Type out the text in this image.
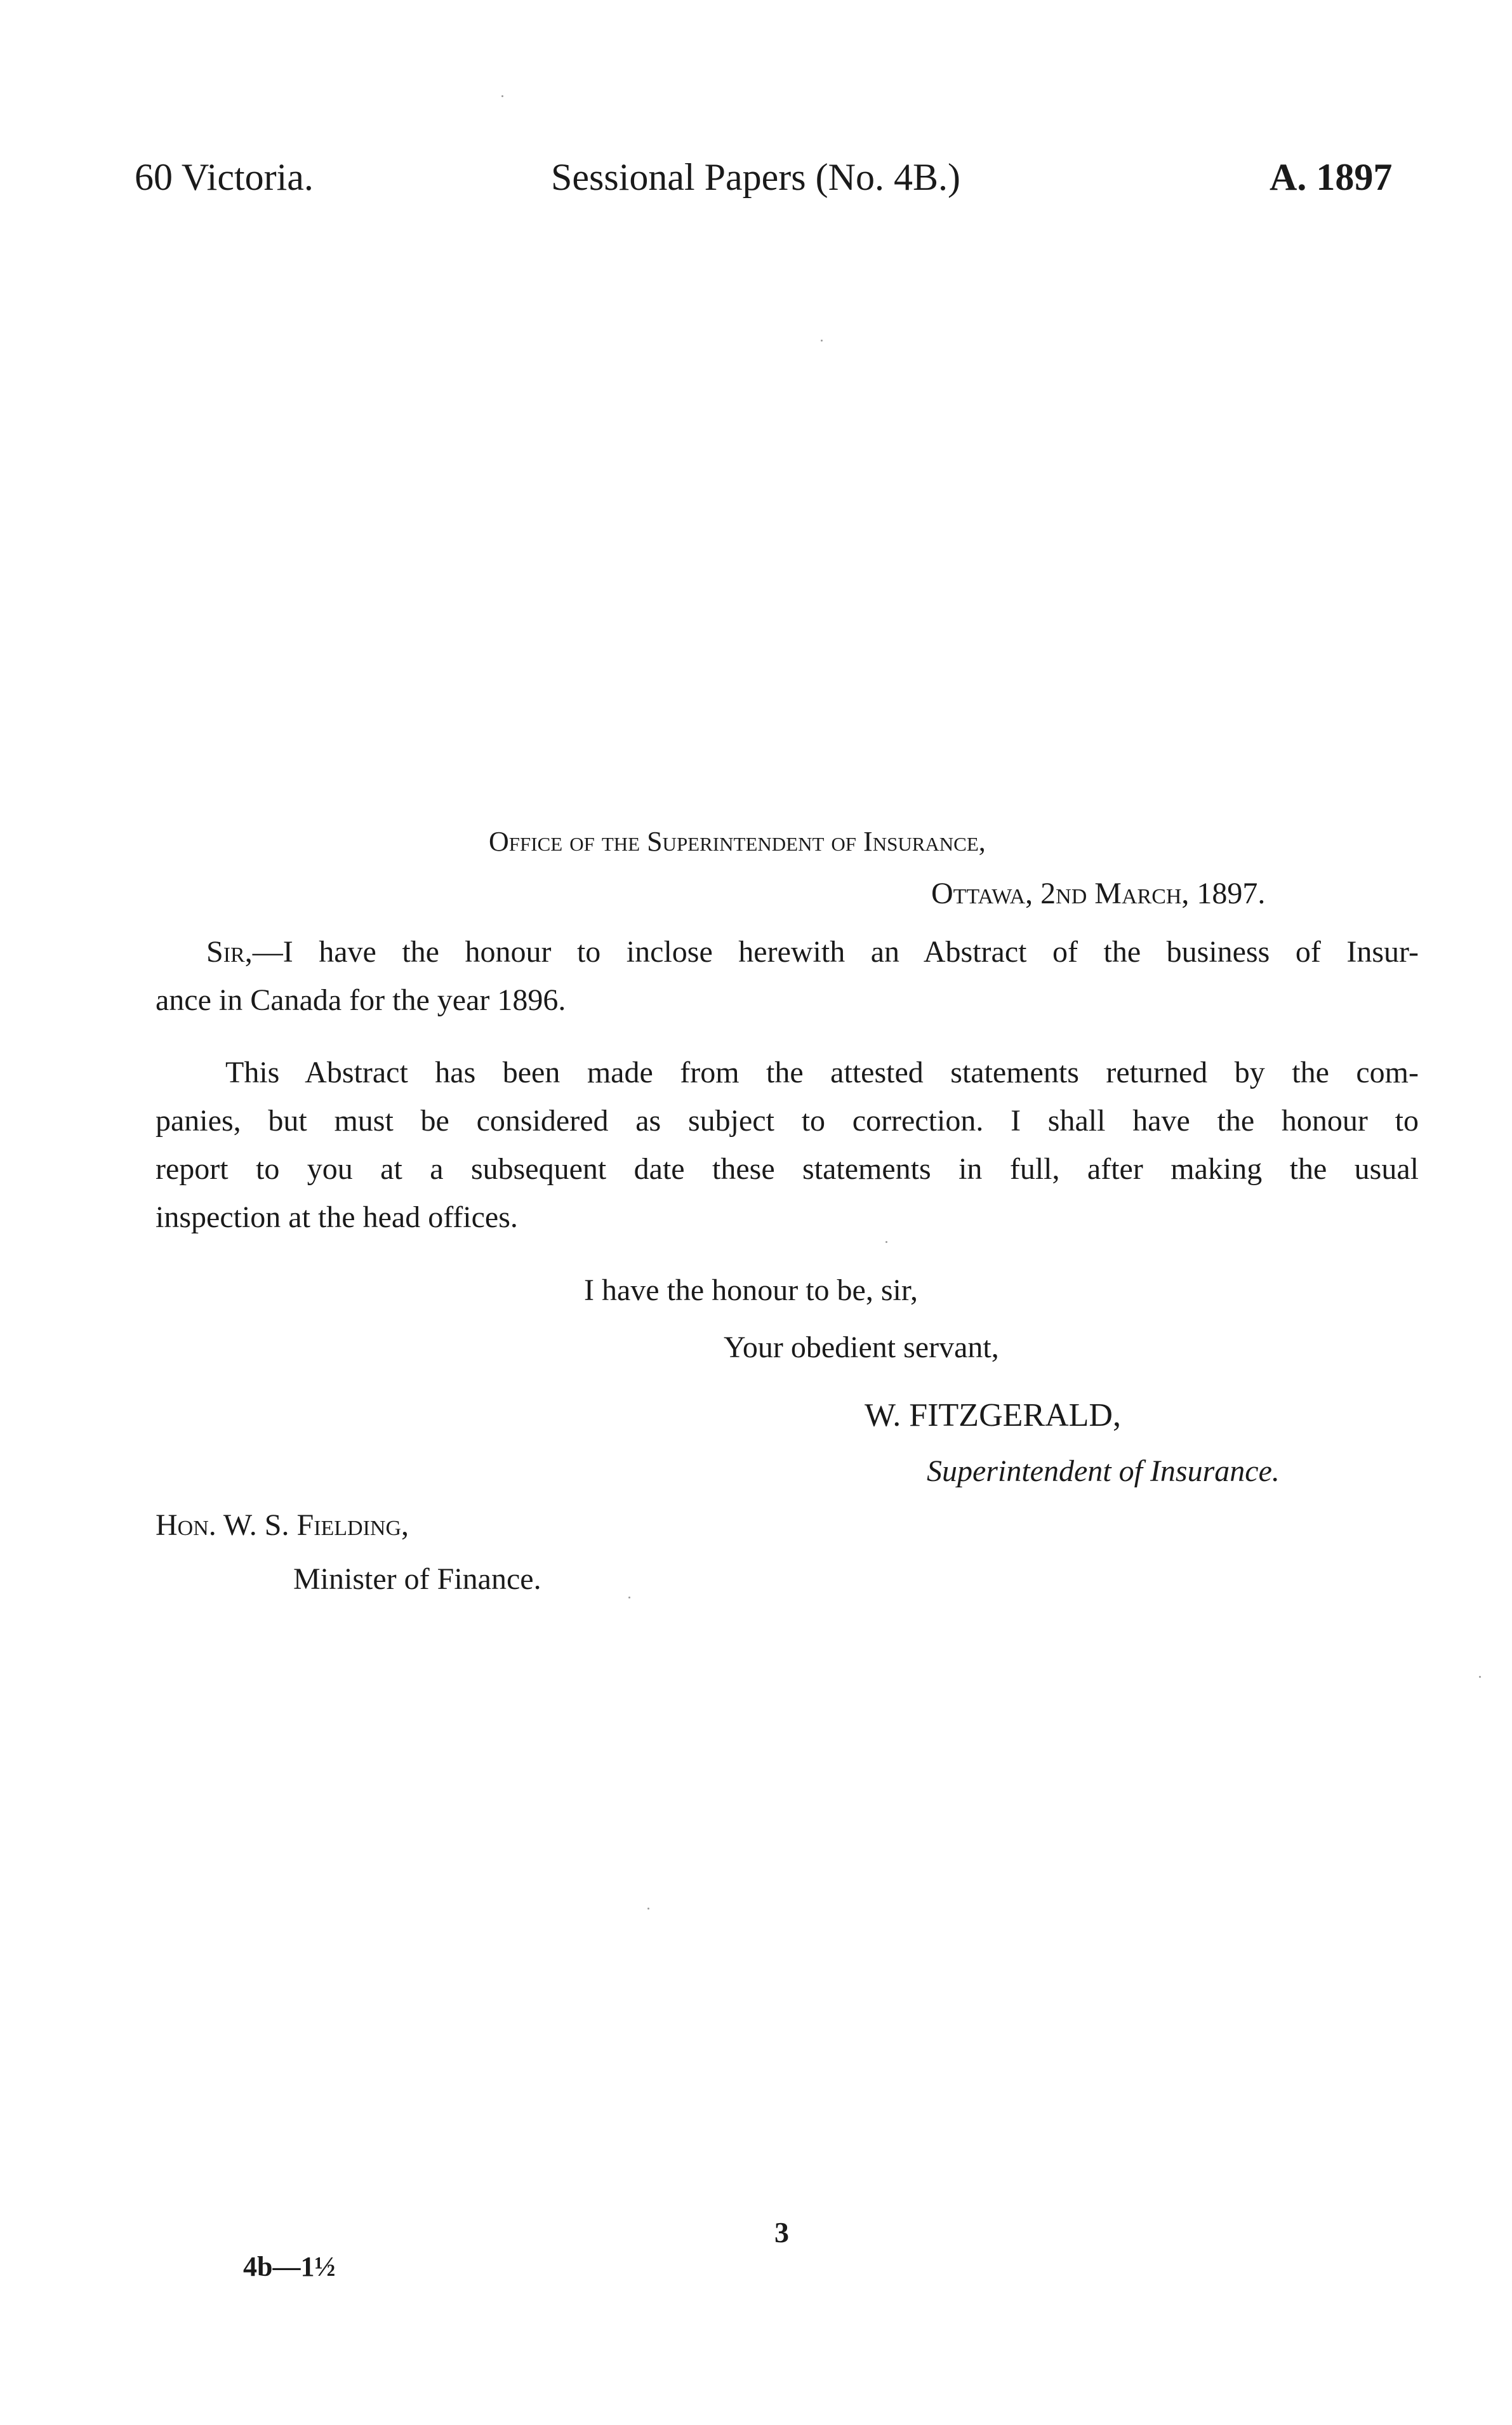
60 Victoria.	Sessional Papers (No. 4B.)	A. 1897
Office of the Superintendent of Insurance,
Ottawa, 2nd March, 1897.
Sir,—I have the honour to inclose herewith an Abstract of the business of Insur-
ance in Canada for the year 1896.
This Abstract has been made from the attested statements returned by the com-
panies, but must be considered as subject to correction. I shall have the honour to
report to you at a subsequent date these statements in full, after making the usual
inspection at the head offices.
I have the honour to be, sir,
Your obedient servant,
W. FITZGERALD,
Superintendent of Insurance.
Hon. W. S. Fielding,
Minister of Finance.
3
4b—1½
